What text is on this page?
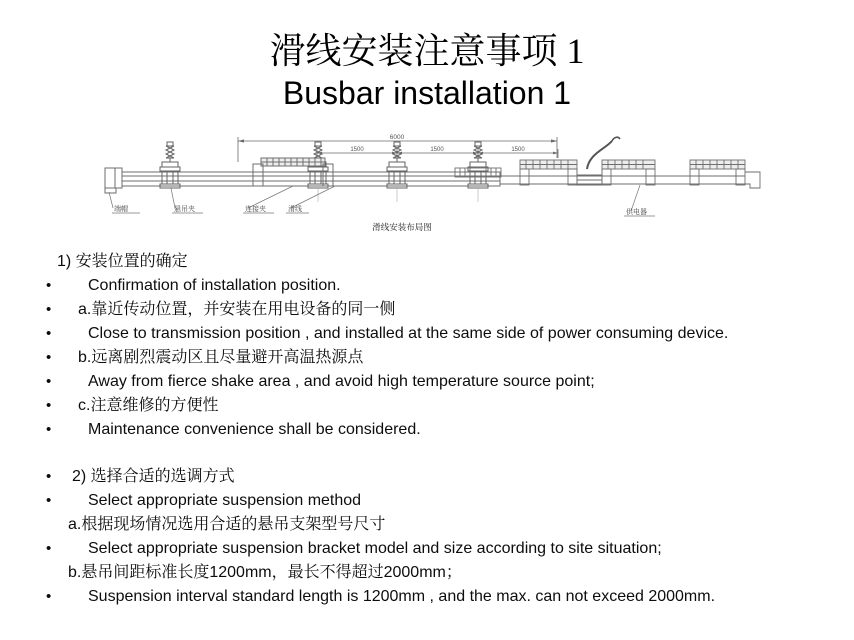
滑线安装注意事项 1
Busbar installation 1
6000
1500	1500	1500
端帽	悬吊夹	连接夹	滑线	供电器
滑线安装布局图
1) 安装位置的确定
• Confirmation of installation position.
• a.靠近传动位置，并安装在用电设备的同一侧
• Close to transmission position , and installed at the same side of power consuming device.
• b.远离剧烈震动区且尽量避开高温热源点
• Away from fierce shake area , and avoid high temperature source point;
• c.注意维修的方便性
• Maintenance convenience shall be considered.
• 2) 选择合适的选调方式
• Select appropriate suspension method
a.根据现场情况选用合适的悬吊支架型号尺寸
• Select appropriate suspension bracket model and size according to site situation;
b.悬吊间距标准长度1200mm，最长不得超过2000mm；
• Suspension interval standard length is 1200mm , and the max. can not exceed 2000mm.
